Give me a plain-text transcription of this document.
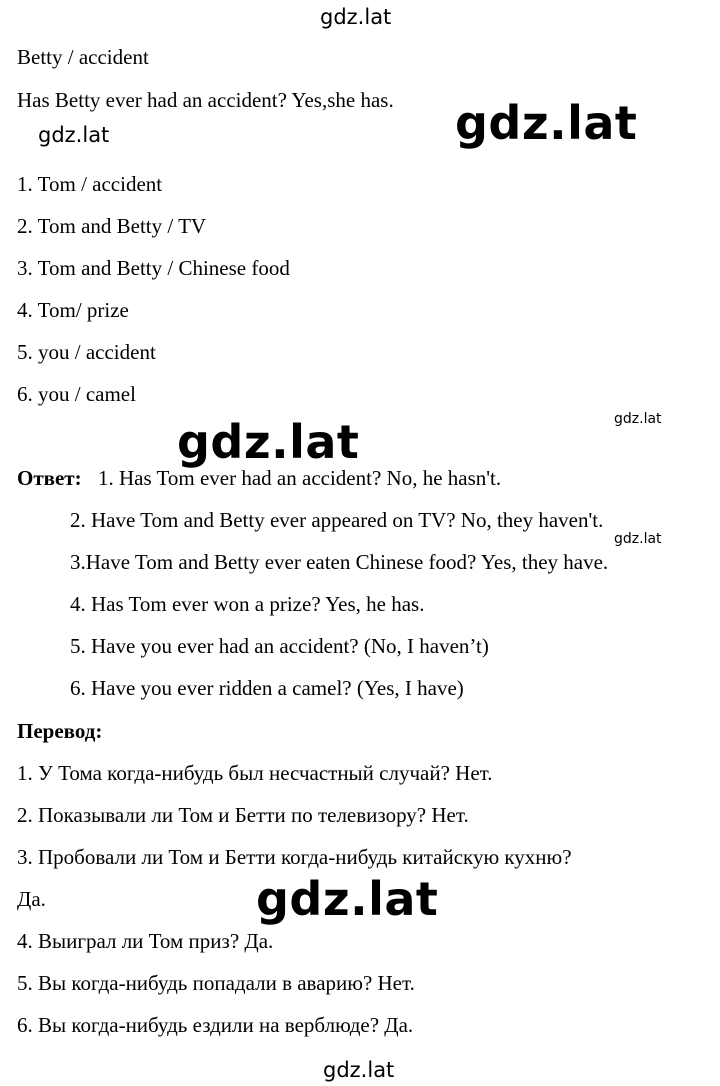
gdz.lat
gdz.lat	gdz.lat
gdz.lat
gdz.lat
gdz.lat
gdz.lat
gdz.lat
Betty / accident
Has Betty ever had an accident? Yes,she has.
1. Tom / accident
2. Tom and Betty / TV
3. Tom and Betty / Chinese food
4. Tom/ prize
5. you / accident
6. you / camel
Ответ: 1. Has Tom ever had an accident? No, he hasn't.
2. Have Tom and Betty ever appeared on TV? No, they haven't.
3.Have Tom and Betty ever eaten Chinese food? Yes, they have.
4. Has Tom ever won a prize? Yes, he has.
5. Have you ever had an accident? (No, I haven’t)
6. Have you ever ridden a camel? (Yes, I have)
Перевод:
1. У Тома когда-нибудь был несчастный случай? Нет.
2. Показывали ли Том и Бетти по телевизору? Нет.
3. Пробовали ли Том и Бетти когда-нибудь китайскую кухню?
Да.
4. Выиграл ли Том приз? Да.
5. Вы когда-нибудь попадали в аварию? Нет.
6. Вы когда-нибудь ездили на верблюде? Да.
